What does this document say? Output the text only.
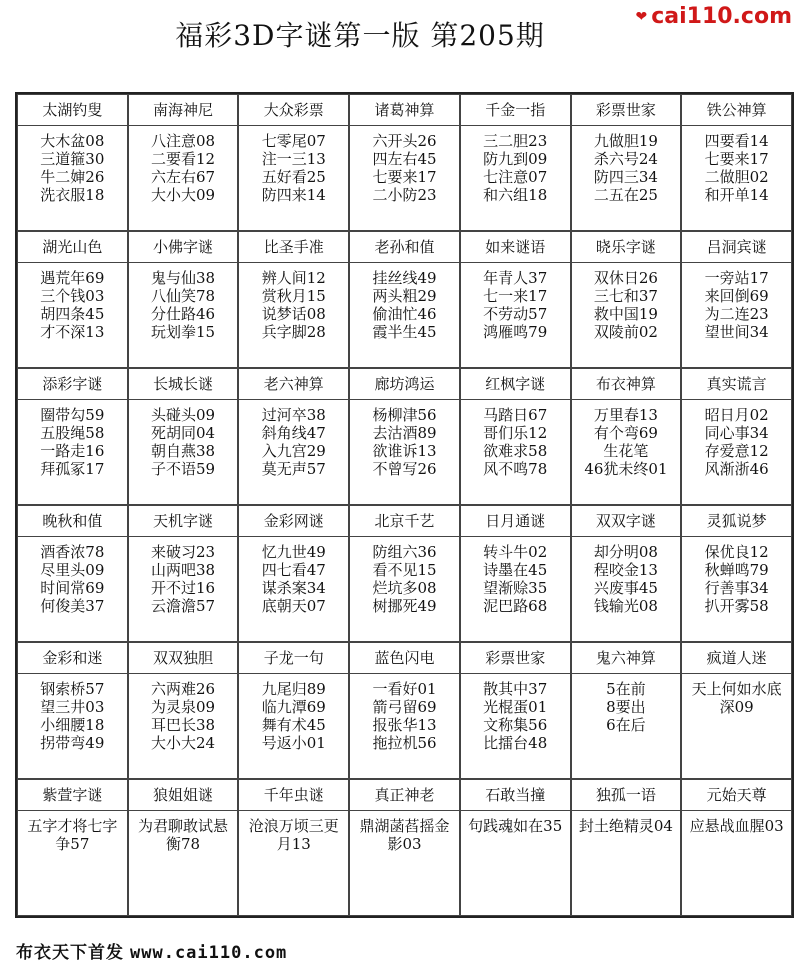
福彩3D字谜第一版 第205期
❤ cai110.com
太湖钓叟
大木盆08
三道箍30
牛二婶26
洗衣服18
南海神尼
八注意08
二要看12
六左右67
大小大09
大众彩票
七零尾07
注一三13
五好看25
防四来14
诸葛神算
六开头26
四左右45
七要来17
二小防23
千金一指
三二胆23
防九到09
七注意07
和六组18
彩票世家
九做胆19
杀六号24
防四三34
二五在25
铁公神算
四要看14
七要来17
二做胆02
和开单14
湖光山色
遇荒年69
三个钱03
胡四条45
才不深13
小佛字谜
鬼与仙38
八仙笑78
分仕路46
玩划拳15
比圣手准
辨人间12
赏秋月15
说梦话08
兵字脚28
老孙和值
挂丝线49
两头粗29
偷油忙46
霞半生45
如来谜语
年青人37
七一来17
不劳动57
鸿雁鸣79
晓乐字谜
双休日26
三七和37
救中国19
双陵前02
吕洞宾谜
一旁站17
来回倒69
为二连23
望世间34
添彩字谜
圈带勾59
五股绳58
一路走16
拜孤冢17
长城长谜
头碰头09
死胡同04
朝自燕38
子不语59
老六神算
过河卒38
斜角线47
入九宫29
莫无声57
廊坊鸿运
杨柳津56
去沽酒89
欲谁诉13
不曾写26
红枫字谜
马踏日67
哥们乐12
欲难求58
风不鸣78
布衣神算
万里春13
有个弯69
生花笔
46犹未终01
真实谎言
昭日月02
同心事34
存爱意12
风渐浙46
晚秋和值
酒香浓78
尽里头09
时间常69
何俊美37
天机字谜
来破习23
山两吧38
开不过16
云澹澹57
金彩网谜
忆九世49
四七看47
谋杀案34
底朝天07
北京千艺
防组六36
看不见15
烂坑多08
树挪死49
日月通谜
转斗牛02
诗墨在45
望渐赊35
泥巴路68
双双字谜
却分明08
程咬金13
兴废事45
钱输光08
灵狐说梦
保优良12
秋蝉鸣79
行善事34
扒开雾58
金彩和迷
钢索桥57
望三井03
小细腰18
拐带弯49
双双独胆
六两难26
为灵泉09
耳巴长38
大小大24
子龙一句
九尾归89
临九潭69
舞有术45
号返小01
蓝色闪电
一看好01
箭弓留69
报张华13
拖拉机56
彩票世家
散其中37
光棍蛋01
文称集56
比擂台48
鬼六神算
5在前
8要出
6在后
疯道人迷
天上何如水底
深09
紫萱字谜
五字才将七字
争57
狼姐姐谜
为君聊敢试悬
衡78
千年虫谜
沧浪万顷三更
月13
真正神老
鼎湖菡萏摇金
影03
石敢当撞
句践魂如在35
独孤一语
封土绝精灵04
元始天尊
应悬战血腥03
布衣天下首发 www.cai110.com
